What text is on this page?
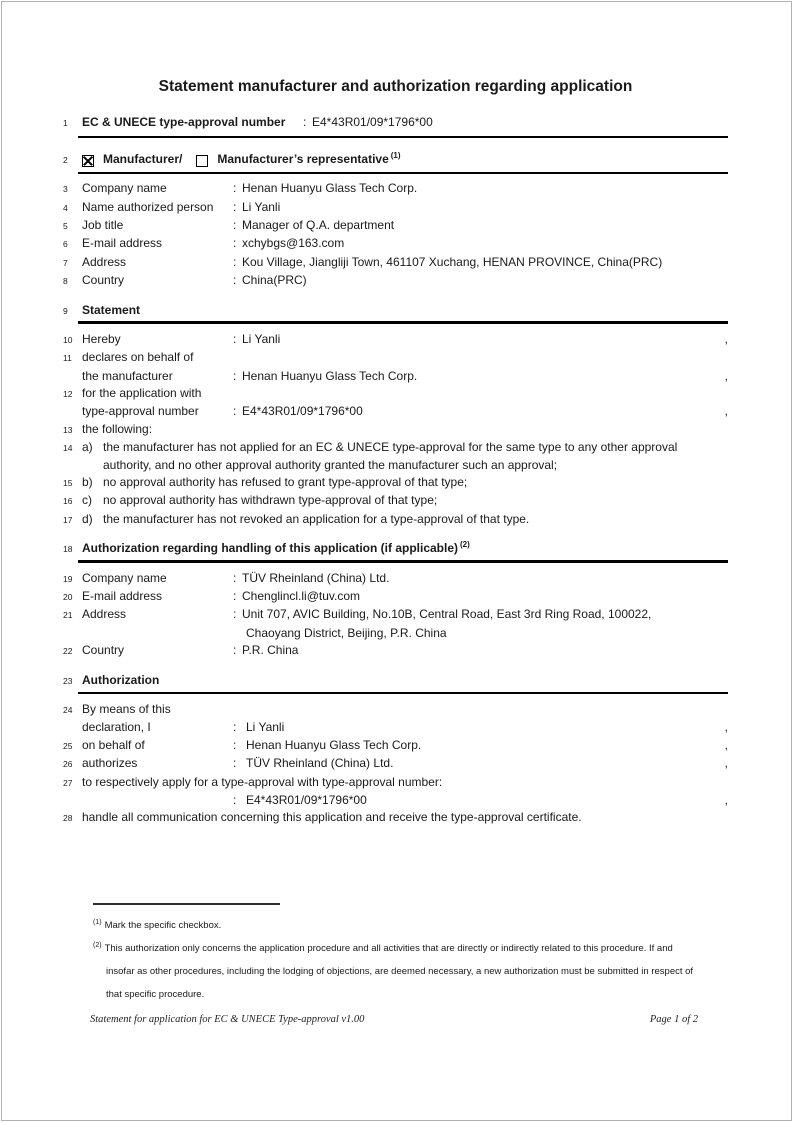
Statement manufacturer and authorization regarding application
1	EC & UNECE type-approval number	: E4*43R01/09*1796*00
2	Manufacturer/	Manufacturer’s representative $^{(1)}$
3	Company name	: Henan Huanyu Glass Tech Corp.
4	Name authorized person	: Li Yanli
5	Job title	: Manager of Q.A. department
6	E-mail address	: xchybgs@163.com
7	Address	: Kou Village, Jiangliji Town, 461107 Xuchang, HENAN PROVINCE, China(PRC)
8	Country	: China(PRC)
9	Statement
10 Hereby	: Li Yanli	,
11 declares on behalf of
the manufacturer	: Henan Huanyu Glass Tech Corp.	,
12 for the application with
type-approval number	: E4*43R01/09*1796*00	,
13 the following:
14 a) the manufacturer has not applied for an EC & UNECE type-approval for the same type to any other approval
authority, and no other approval authority granted the manufacturer such an approval;
15 b) no approval authority has refused to grant type-approval of that type;
16 c) no approval authority has withdrawn type-approval of that type;
17 d) the manufacturer has not revoked an application for a type-approval of that type.
18 Authorization regarding handling of this application (if applicable) $^{(2)}$
19 Company name	: TÜV Rheinland (China) Ltd.
20 E-mail address	: Chenglincl.li@tuv.com
21 Address	: Unit 707, AVIC Building, No.10B, Central Road, East 3rd Ring Road, 100022,
Chaoyang District, Beijing, P.R. China
22 Country	: P.R. China
23 Authorization
24 By means of this
declaration, I	: Li Yanli	,
25 on behalf of	: Henan Huanyu Glass Tech Corp.	,
26 authorizes	: TÜV Rheinland (China) Ltd.	,
27 to respectively apply for a type-approval with type-approval number:
: E4*43R01/09*1796*00	,
28 handle all communication concerning this application and receive the type-approval certificate.
$^{(1)}$ Mark the specific checkbox.
$^{(2)}$ This authorization only concerns the application procedure and all activities that are directly or indirectly related to this procedure. If and
insofar as other procedures, including the lodging of objections, are deemed necessary, a new authorization must be submitted in respect of
that specific procedure.
Statement for application for EC & UNECE Type-approval v1.00	Page 1 of 2
